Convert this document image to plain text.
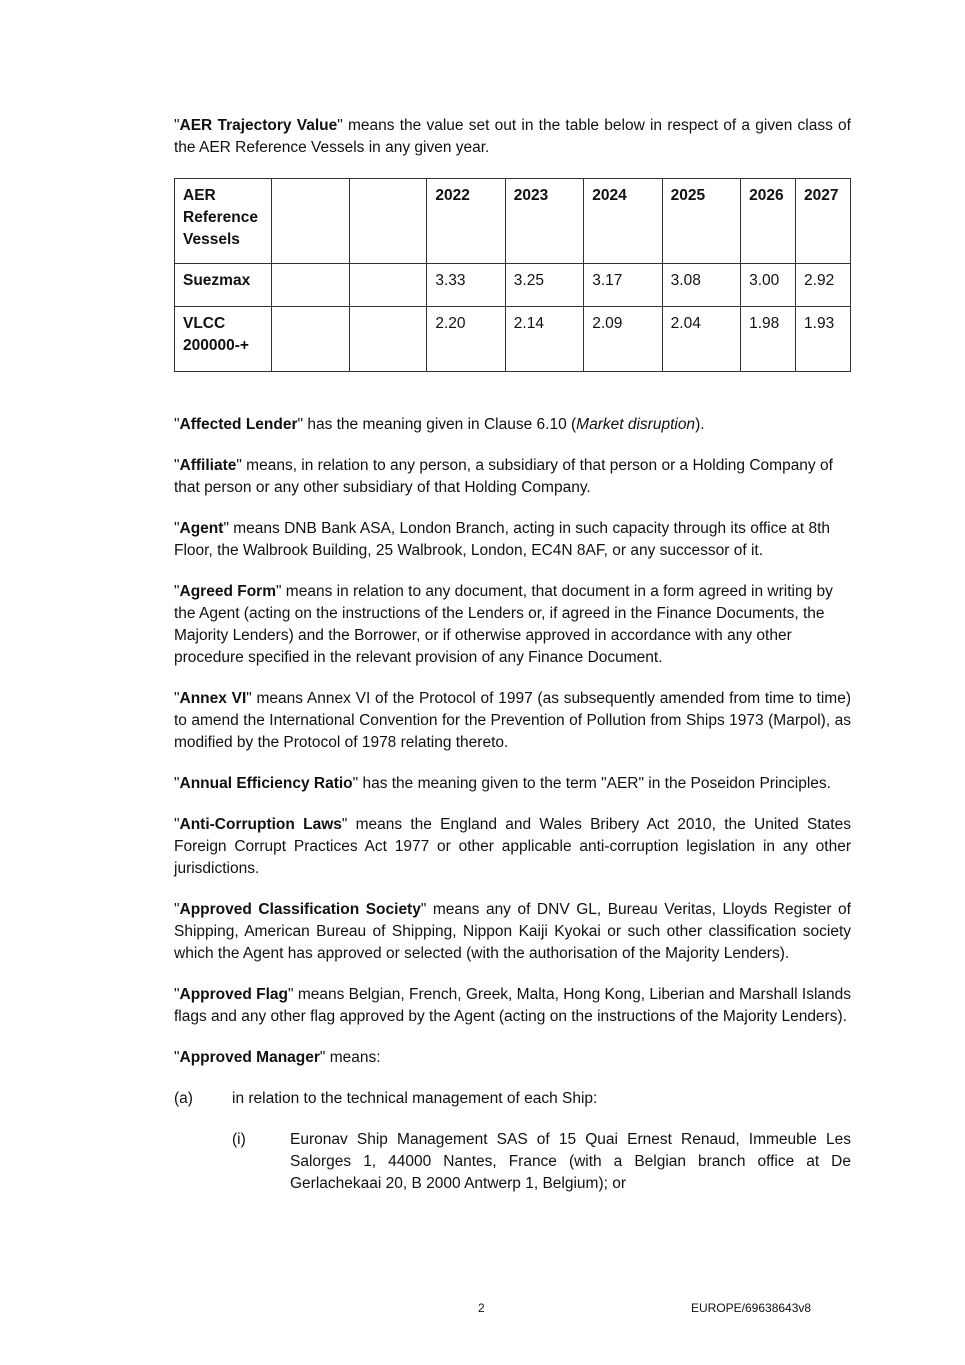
"AER Trajectory Value" means the value set out in the table below in respect of a given class of the AER Reference Vessels in any given year.

AER Reference Vessels			2022	2023	2024	2025	2026	2027
Suezmax			3.33	3.25	3.17	3.08	3.00	2.92
VLCC 200000-+			2.20	2.14	2.09	2.04	1.98	1.93

"Affected Lender" has the meaning given in Clause 6.10 (Market disruption).

"Affiliate" means, in relation to any person, a subsidiary of that person or a Holding Company of that person or any other subsidiary of that Holding Company.

"Agent" means DNB Bank ASA, London Branch, acting in such capacity through its office at 8th Floor, the Walbrook Building, 25 Walbrook, London, EC4N 8AF, or any successor of it.

"Agreed Form" means in relation to any document, that document in a form agreed in writing by the Agent (acting on the instructions of the Lenders or, if agreed in the Finance Documents, the Majority Lenders) and the Borrower, or if otherwise approved in accordance with any other procedure specified in the relevant provision of any Finance Document.

"Annex VI" means Annex VI of the Protocol of 1997 (as subsequently amended from time to time) to amend the International Convention for the Prevention of Pollution from Ships 1973 (Marpol), as modified by the Protocol of 1978 relating thereto.

"Annual Efficiency Ratio" has the meaning given to the term "AER" in the Poseidon Principles.

"Anti-Corruption Laws" means the England and Wales Bribery Act 2010, the United States Foreign Corrupt Practices Act 1977 or other applicable anti-corruption legislation in any other jurisdictions.

"Approved Classification Society" means any of DNV GL, Bureau Veritas, Lloyds Register of Shipping, American Bureau of Shipping, Nippon Kaiji Kyokai or such other classification society which the Agent has approved or selected (with the authorisation of the Majority Lenders).

"Approved Flag" means Belgian, French, Greek, Malta, Hong Kong, Liberian and Marshall Islands flags and any other flag approved by the Agent (acting on the instructions of the Majority Lenders).

"Approved Manager" means:

(a)	in relation to the technical management of each Ship:
(i)	Euronav Ship Management SAS of 15 Quai Ernest Renaud, Immeuble Les Salorges 1, 44000 Nantes, France (with a Belgian branch office at De Gerlachekaai 20, B 2000 Antwerp 1, Belgium); or
2	EUROPE/69638643v8
